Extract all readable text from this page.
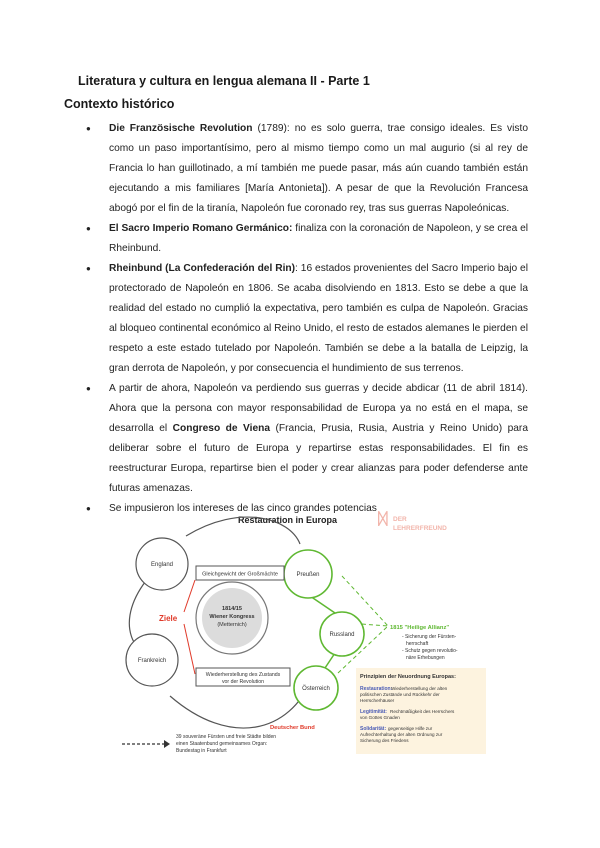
Literatura y cultura en lengua alemana II - Parte 1
Contexto histórico
● Die Französische Revolution (1789): no es solo guerra, trae consigo ideales. Es visto como un paso importantísimo, pero al mismo tiempo como un mal augurio (si al rey de Francia lo han guillotinado, a mí también me puede pasar, más aún cuando también están ejecutando a mis familiares [María Antonieta]). A pesar de que la Revolución Francesa abogó por el fin de la tiranía, Napoleón fue coronado rey, tras sus guerras Napoleónicas.
● El Sacro Imperio Romano Germánico: finaliza con la coronación de Napoleon, y se crea el Rheinbund.
● Rheinbund (La Confederación del Rin): 16 estados provenientes del Sacro Imperio bajo el protectorado de Napoleón en 1806. Se acaba disolviendo en 1813. Esto se debe a que la realidad del estado no cumplió la expectativa, pero también es culpa de Napoleón. Gracias al bloqueo continental económico al Reino Unido, el resto de estados alemanes le pierden el respeto a este estado tutelado por Napoleón. También se debe a la batalla de Leipzig, la gran derrota de Napoleón, y por consecuencia el hundimiento de sus terrenos.
● A partir de ahora, Napoleón va perdiendo sus guerras y decide abdicar (11 de abril 1814). Ahora que la persona con mayor responsabilidad de Europa ya no está en el mapa, se desarrolla el Congreso de Viena (Francia, Prusia, Rusia, Austria y Reino Unido) para deliberar sobre el futuro de Europa y repartirse estas responsabilidades. El fin es reestructurar Europa, repartirse bien el poder y crear alianzas para poder defenderse ante futuras amenazas.
● Se impusieron los intereses de las cinco grandes potencias
Restauration in Europa	ᛞ DER
LEHRERFREUND
England
Frankreich
Preußen
Russland
Österreich
1814/15
Wiener Kongress
(Metternich)
Ziele
Gleichgewicht der Großmächte
Wiederherstellung des Zustands
vor der Revolution
1815 "Heilige Allianz"
- Sicherung der Fürsten-
herrschaft
- Schutz gegen revolutio-
näre Erhebungen
Prinzipien der Neuordnung Europas:
Restauration:
Wiederherstellung der alten politischen Zustände und Rückkehr der Herrscherhäuser
Legitimität: Rechtmäßigkeit des Herrschers von Gottes Gnaden
Solidarität: gegenseitige Hilfe zur Aufrechterhaltung der alten Ordnung zur Sicherung des Friedens
Deutscher Bund
39 souveräne Fürsten und freie Städte bilden
einen Staatenbund gemeinsames Organ:
Bundestag in Frankfurt
